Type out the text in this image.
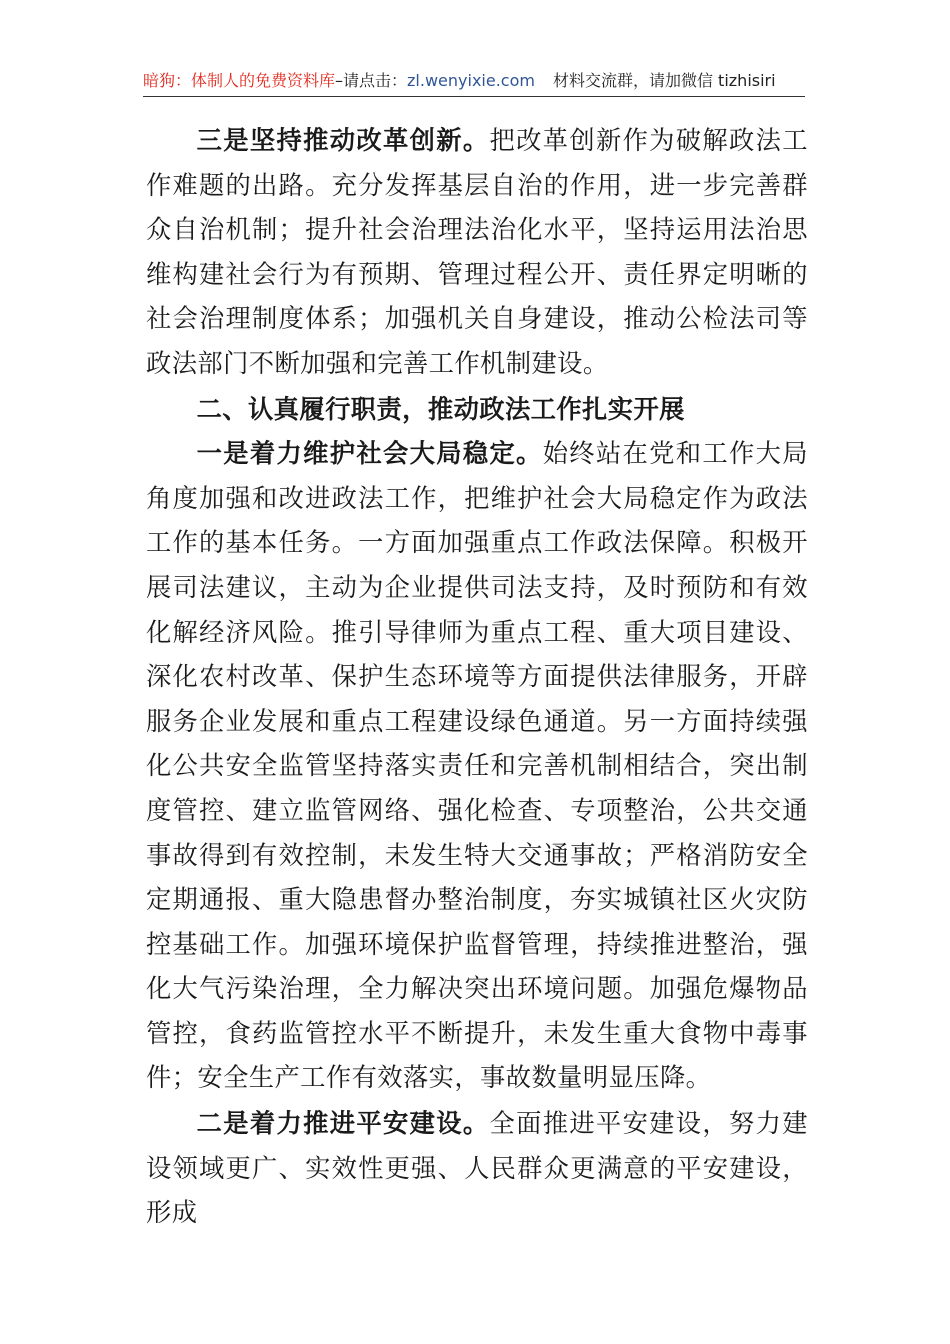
暗狗：体制人的免费资料库–请点击：zl.wenyixie.com 材料交流群，请加微信 tizhisiri

三是坚持推动改革创新。把改革创新作为破解政法工作难题的出路。充分发挥基层自治的作用，进一步完善群众自治机制；提升社会治理法治化水平，坚持运用法治思维构建社会行为有预期、管理过程公开、责任界定明晰的社会治理制度体系；加强机关自身建设，推动公检法司等政法部门不断加强和完善工作机制建设。

二、认真履行职责，推动政法工作扎实开展

一是着力维护社会大局稳定。始终站在党和工作大局角度加强和改进政法工作，把维护社会大局稳定作为政法工作的基本任务。一方面加强重点工作政法保障。积极开展司法建议，主动为企业提供司法支持，及时预防和有效化解经济风险。推引导律师为重点工程、重大项目建设、深化农村改革、保护生态环境等方面提供法律服务，开辟服务企业发展和重点工程建设绿色通道。另一方面持续强化公共安全监管坚持落实责任和完善机制相结合，突出制度管控、建立监管网络、强化检查、专项整治，公共交通事故得到有效控制，未发生特大交通事故；严格消防安全定期通报、重大隐患督办整治制度，夯实城镇社区火灾防控基础工作。加强环境保护监督管理，持续推进整治，强化大气污染治理，全力解决突出环境问题。加强危爆物品管控，食药监管控水平不断提升，未发生重大食物中毒事件；安全生产工作有效落实，事故数量明显压降。

二是着力推进平安建设。全面推进平安建设，努力建设领域更广、实效性更强、人民群众更满意的平安建设，形成
